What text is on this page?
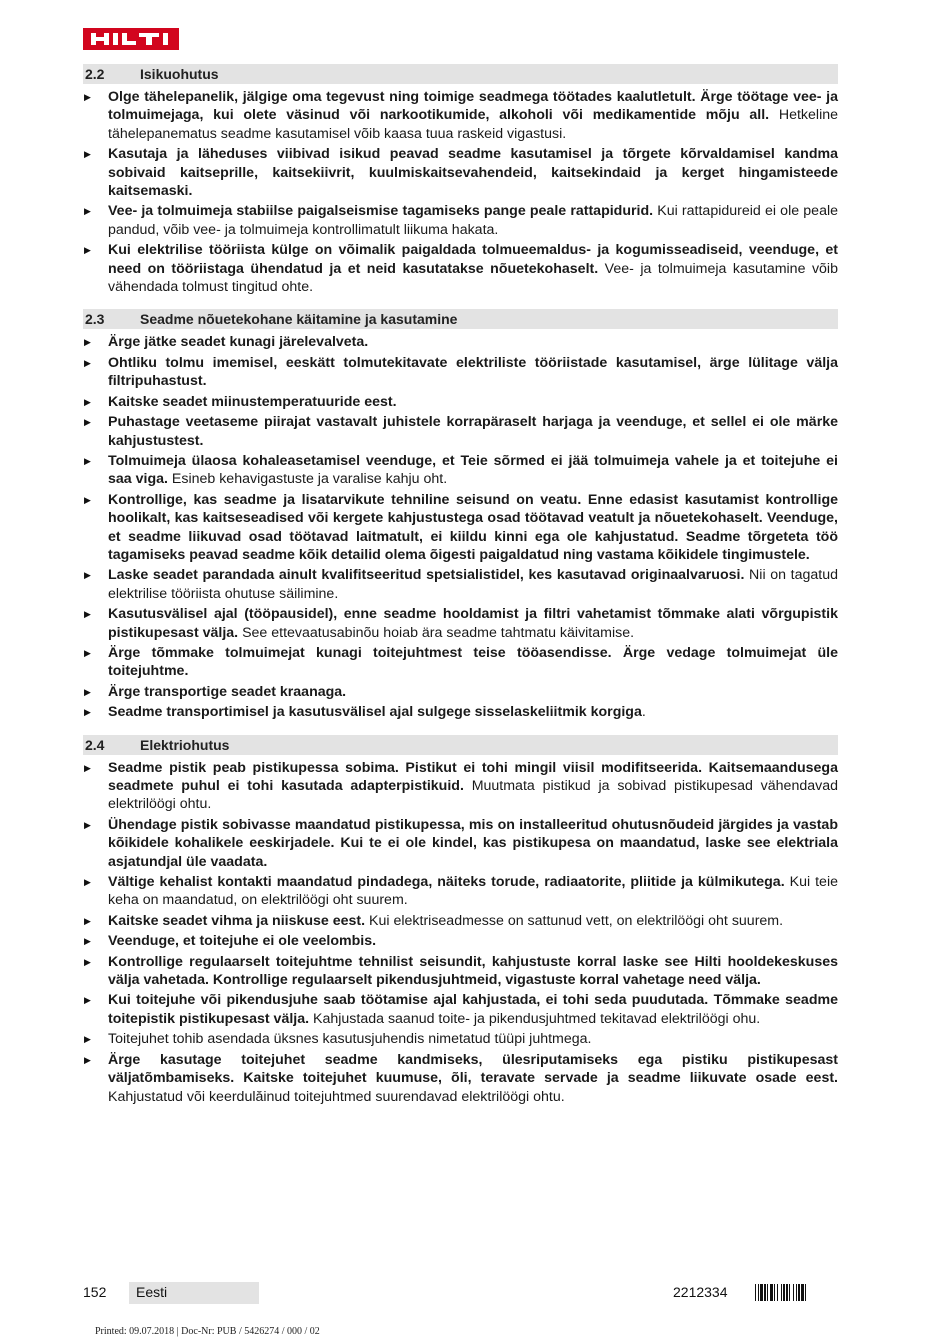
2.2	Isikuohutus
▶ Olge tähelepanelik, jälgige oma tegevust ning toimige seadmega töötades kaalutletult. Ärge töötage vee- ja tolmuimejaga, kui olete väsinud või narkootikumide, alkoholi või medikamentide mõju all. Hetkeline tähelepanematus seadme kasutamisel võib kaasa tuua raskeid vigastusi.
▶ Kasutaja ja läheduses viibivad isikud peavad seadme kasutamisel ja tõrgete kõrvaldamisel kandma sobivaid kaitseprille, kaitsekiivrit, kuulmiskaitsevahendeid, kaitsekindaid ja kerget hingamisteede kaitsemaski.
▶ Vee- ja tolmuimeja stabiilse paigalseismise tagamiseks pange peale rattapidurid. Kui rattapidureid ei ole peale pandud, võib vee- ja tolmuimeja kontrollimatult liikuma hakata.
▶ Kui elektrilise tööriista külge on võimalik paigaldada tolmueemaldus- ja kogumisseadiseid, veenduge, et need on tööriistaga ühendatud ja et neid kasutatakse nõuetekohaselt. Vee- ja tolmuimeja kasutamine võib vähendada tolmust tingitud ohte.
2.3	Seadme nõuetekohane käitamine ja kasutamine
▶ Ärge jätke seadet kunagi järelevalveta.
▶ Ohtliku tolmu imemisel, eeskätt tolmutekitavate elektriliste tööriistade kasutamisel, ärge lülitage välja filtripuhastust.
▶ Kaitske seadet miinustemperatuuride eest.
▶ Puhastage veetaseme piirajat vastavalt juhistele korrapäraselt harjaga ja veenduge, et sellel ei ole märke kahjustustest.
▶ Tolmuimeja ülaosa kohaleasetamisel veenduge, et Teie sõrmed ei jää tolmuimeja vahele ja et toitejuhe ei saa viga. Esineb kehavigastuste ja varalise kahju oht.
▶ Kontrollige, kas seadme ja lisatarvikute tehniline seisund on veatu. Enne edasist kasutamist kontrollige hoolikalt, kas kaitseseadised või kergete kahjustustega osad töötavad veatult ja nõuetekohaselt. Veenduge, et seadme liikuvad osad töötavad laitmatult, ei kiildu kinni ega ole kahjustatud. Seadme tõrgeteta töö tagamiseks peavad seadme kõik detailid olema õigesti paigaldatud ning vastama kõikidele tingimustele.
▶ Laske seadet parandada ainult kvalifitseeritud spetsialistidel, kes kasutavad originaalvaruosi. Nii on tagatud elektrilise tööriista ohutuse säilimine.
▶ Kasutusvälisel ajal (tööpausidel), enne seadme hooldamist ja filtri vahetamist tõmmake alati võrgupistik pistikupesast välja. See ettevaatusabinõu hoiab ära seadme tahtmatu käivitamise.
▶ Ärge tõmmake tolmuimejat kunagi toitejuhtmest teise tööasendisse. Ärge vedage tolmuimejat üle toitejuhtme.
▶ Ärge transportige seadet kraanaga.
▶ Seadme transportimisel ja kasutusvälisel ajal sulgege sisselaskeliitmik korgiga.
2.4	Elektriohutus
▶ Seadme pistik peab pistikupessa sobima. Pistikut ei tohi mingil viisil modifitseerida. Kaitsemaandusega seadmete puhul ei tohi kasutada adapterpistikuid. Muutmata pistikud ja sobivad pistikupesad vähendavad elektrilöögi ohtu.
▶ Ühendage pistik sobivasse maandatud pistikupessa, mis on installeeritud ohutusnõudeid järgides ja vastab kõikidele kohalikele eeskirjadele. Kui te ei ole kindel, kas pistikupesa on maandatud, laske see elektriala asjatundjal üle vaadata.
▶ Vältige kehalist kontakti maandatud pindadega, näiteks torude, radiaatorite, pliitide ja külmikutega. Kui teie keha on maandatud, on elektrilöögi oht suurem.
▶ Kaitske seadet vihma ja niiskuse eest. Kui elektriseadmesse on sattunud vett, on elektrilöögi oht suurem.
▶ Veenduge, et toitejuhe ei ole veelombis.
▶ Kontrollige regulaarselt toitejuhtme tehnilist seisundit, kahjustuste korral laske see Hilti hooldekeskuses välja vahetada. Kontrollige regulaarselt pikendusjuhtmeid, vigastuste korral vahetage need välja.
▶ Kui toitejuhe või pikendusjuhe saab töötamise ajal kahjustada, ei tohi seda puudutada. Tõmmake seadme toitepistik pistikupesast välja. Kahjustada saanud toite- ja pikendusjuhtmed tekitavad elektrilöögi ohu.
▶ Toitejuhet tohib asendada üksnes kasutusjuhendis nimetatud tüüpi juhtmega.
▶ Ärge kasutage toitejuhet seadme kandmiseks, ülesriputamiseks ega pistiku pistikupesast väljatõmbamiseks. Kaitske toitejuhet kuumuse, õli, teravate servade ja seadme liikuvate osade eest. Kahjustatud või keerdulăinud toitejuhtmed suurendavad elektrilöögi ohtu.
152	Eesti	2212334
Printed: 09.07.2018 | Doc-Nr: PUB / 5426274 / 000 / 02
